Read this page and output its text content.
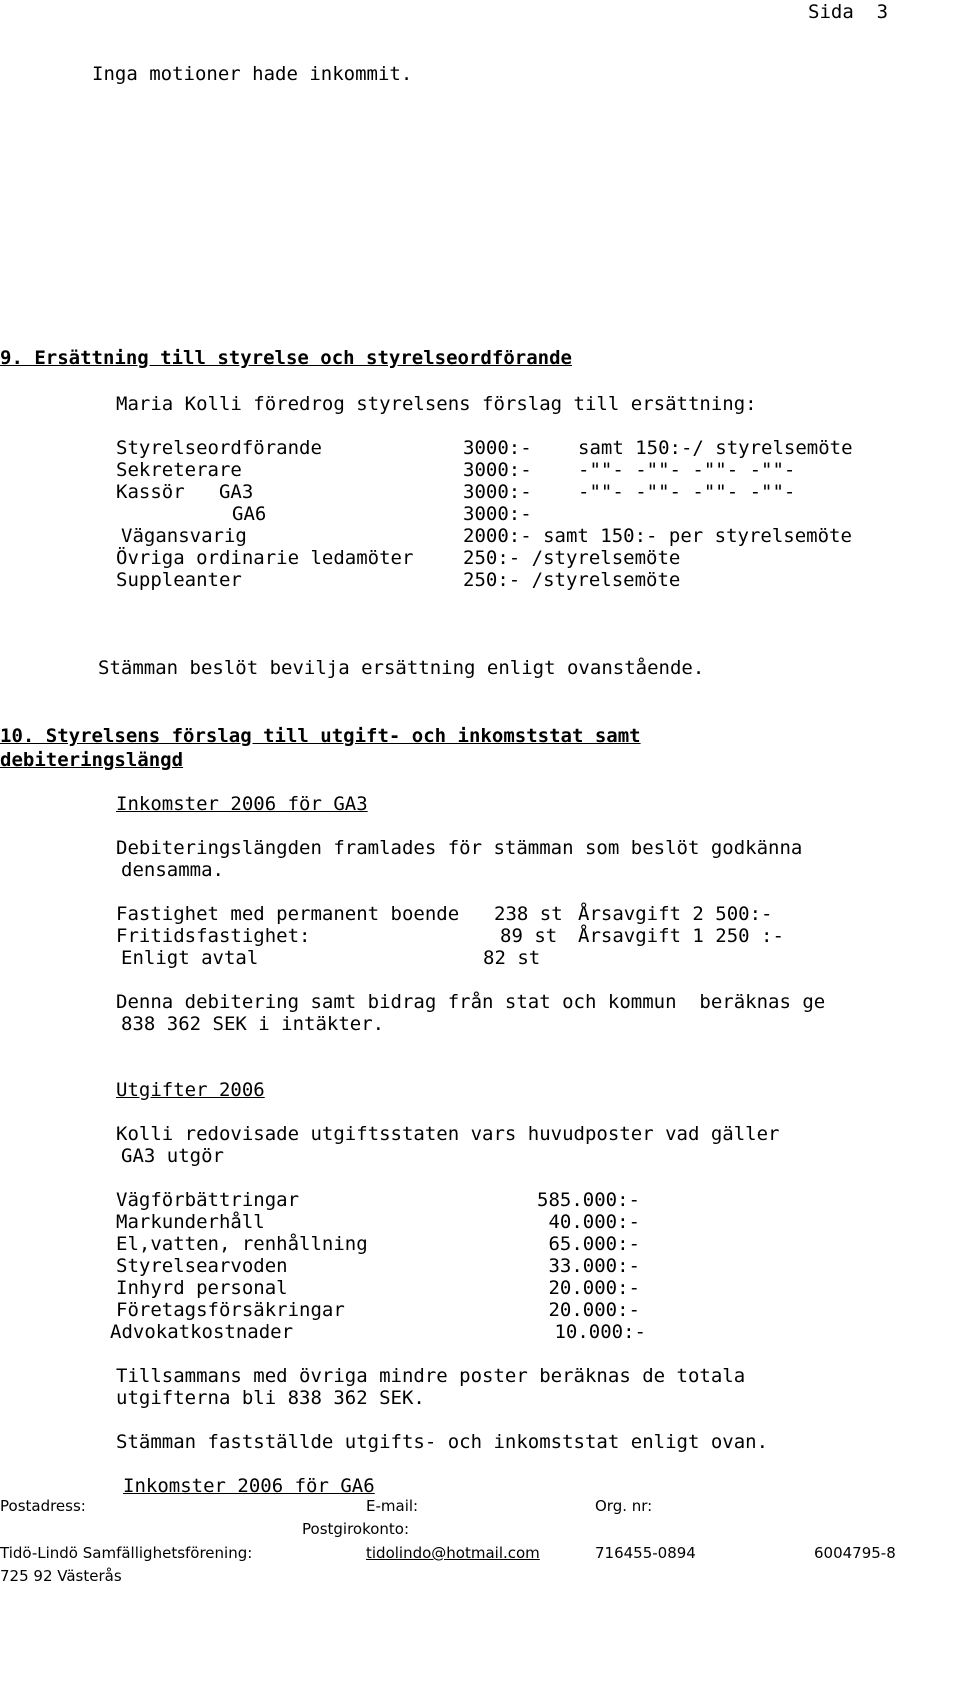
Sida  3
Inga motioner hade inkommit.
9. Ersättning till styrelse och styrelseordförande
Maria Kolli föredrog styrelsens förslag till ersättning:
Styrelseordförande	3000:- samt 150:-/ styrelsemöte
Sekreterare	3000:- -""- -""- -""- -""-
Kassör   GA3	3000:- -""- -""- -""- -""-
GA6	3000:-
Vägansvarig	2000:- samt 150:- per styrelsemöte
Övriga ordinarie ledamöter	250:- /styrelsemöte
Suppleanter	250:- /styrelsemöte
Stämman beslöt bevilja ersättning enligt ovanstående.
10. Styrelsens förslag till utgift- och inkomststat samt
debiteringslängd
Inkomster 2006 för GA3
Debiteringslängden framlades för stämman som beslöt godkänna
densamma.
Fastighet med permanent boende 238 st Årsavgift 2 500:-
Fritidsfastighet:	89 st Årsavgift 1 250 :-
Enligt avtal	82 st
Denna debitering samt bidrag från stat och kommun  beräknas ge
838 362 SEK i intäkter.
Utgifter 2006
Kolli redovisade utgiftsstaten vars huvudposter vad gäller
GA3 utgör
Vägförbättringar	585.000:-
Markunderhåll	40.000:-
El,vatten, renhållning	65.000:-
Styrelsearvoden	33.000:-
Inhyrd personal	20.000:-
Företagsförsäkringar	20.000:-
Advokatkostnader	10.000:-
Tillsammans med övriga mindre poster beräknas de totala
utgifterna bli 838 362 SEK.
Stämman fastställde utgifts- och inkomststat enligt ovan.
Inkomster 2006 för GA6
Postadress:	E-mail:	Org. nr:
Postgirokonto:
Tidö-Lindö Samfällighetsförening:	tidolindo@hotmail.com	716455-0894	6004795-8
725 92 Västerås
